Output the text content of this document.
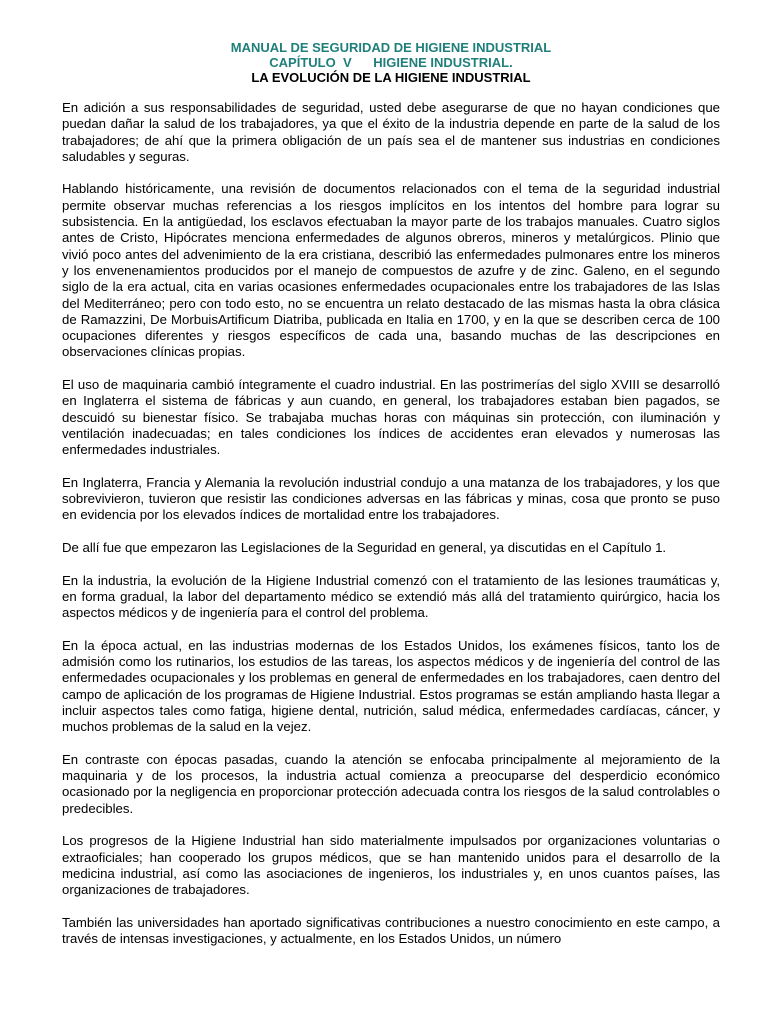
MANUAL DE SEGURIDAD DE HIGIENE INDUSTRIAL
CAPÍTULO  V HIGIENE INDUSTRIAL.
LA EVOLUCIÓN DE LA HIGIENE INDUSTRIAL

En adición a sus responsabilidades de seguridad, usted debe asegurarse de que no hayan condiciones que puedan dañar la salud de los trabajadores, ya que el éxito de la industria depende en parte de la salud de los trabajadores; de ahí que la primera obligación de un país sea el de mantener sus industrias en condiciones saludables y seguras.

Hablando históricamente, una revisión de documentos relacionados con el tema de la seguridad industrial permite observar muchas referencias a los riesgos implícitos en los intentos del hombre para lograr su subsistencia. En la antigüedad, los esclavos efectuaban la mayor parte de los trabajos manuales. Cuatro siglos antes de Cristo, Hipócrates menciona enfermedades de algunos obreros, mineros y metalúrgicos. Plinio que vivió poco antes del advenimiento de la era cristiana, describió las enfermedades pulmonares entre los mineros y los envenenamientos producidos por el manejo de compuestos de azufre y de zinc. Galeno, en el segundo siglo de la era actual, cita en varias ocasiones enfermedades ocupacionales entre los trabajadores de las Islas del Mediterráneo; pero con todo esto, no se encuentra un relato destacado de las mismas hasta la obra clásica de Ramazzini, De MorbuisArtificum Diatriba, publicada en Italia en 1700, y en la que se describen cerca de 100 ocupaciones diferentes y riesgos específicos de cada una, basando muchas de las descripciones en observaciones clínicas propias.

El uso de maquinaria cambió íntegramente el cuadro industrial. En las postrimerías del siglo XVIII se desarrolló en Inglaterra el sistema de fábricas y aun cuando, en general, los trabajadores estaban bien pagados, se descuidó su bienestar físico. Se trabajaba muchas horas con máquinas sin protección, con iluminación y ventilación inadecuadas; en tales condiciones los índices de accidentes eran elevados y numerosas las enfermedades industriales.

En Inglaterra, Francia y Alemania la revolución industrial condujo a una matanza de los trabajadores, y los que sobrevivieron, tuvieron que resistir las condiciones adversas en las fábricas y minas, cosa que pronto se puso en evidencia por los elevados índices de mortalidad entre los trabajadores.

De allí fue que empezaron las Legislaciones de la Seguridad en general, ya discutidas en el Capítulo 1.

En la industria, la evolución de la Higiene Industrial comenzó con el tratamiento de las lesiones traumáticas y, en forma gradual, la labor del departamento médico se extendió más allá del tratamiento quirúrgico, hacia los aspectos médicos y de ingeniería para el control del problema.

En la época actual, en las industrias modernas de los Estados Unidos, los exámenes físicos, tanto los de admisión como los rutinarios, los estudios de las tareas, los aspectos médicos y de ingeniería del control de las enfermedades ocupacionales y los problemas en general de enfermedades en los trabajadores, caen dentro del campo de aplicación de los programas de Higiene Industrial. Estos programas se están ampliando hasta llegar a incluir aspectos tales como fatiga, higiene dental, nutrición, salud médica, enfermedades cardíacas, cáncer, y muchos problemas de la salud en la vejez.

En contraste con épocas pasadas, cuando la atención se enfocaba principalmente al mejoramiento de la maquinaria y de los procesos, la industria actual comienza a preocuparse del desperdicio económico ocasionado por la negligencia en proporcionar protección adecuada contra los riesgos de la salud controlables o predecibles.

Los progresos de la Higiene Industrial han sido materialmente impulsados por organizaciones voluntarias o extraoficiales; han cooperado los grupos médicos, que se han mantenido unidos para el desarrollo de la medicina industrial, así como las asociaciones de ingenieros, los industriales y, en unos cuantos países, las organizaciones de trabajadores.

También las universidades han aportado significativas contribuciones a nuestro conocimiento en este campo, a través de intensas investigaciones, y actualmente, en los Estados Unidos, un número
